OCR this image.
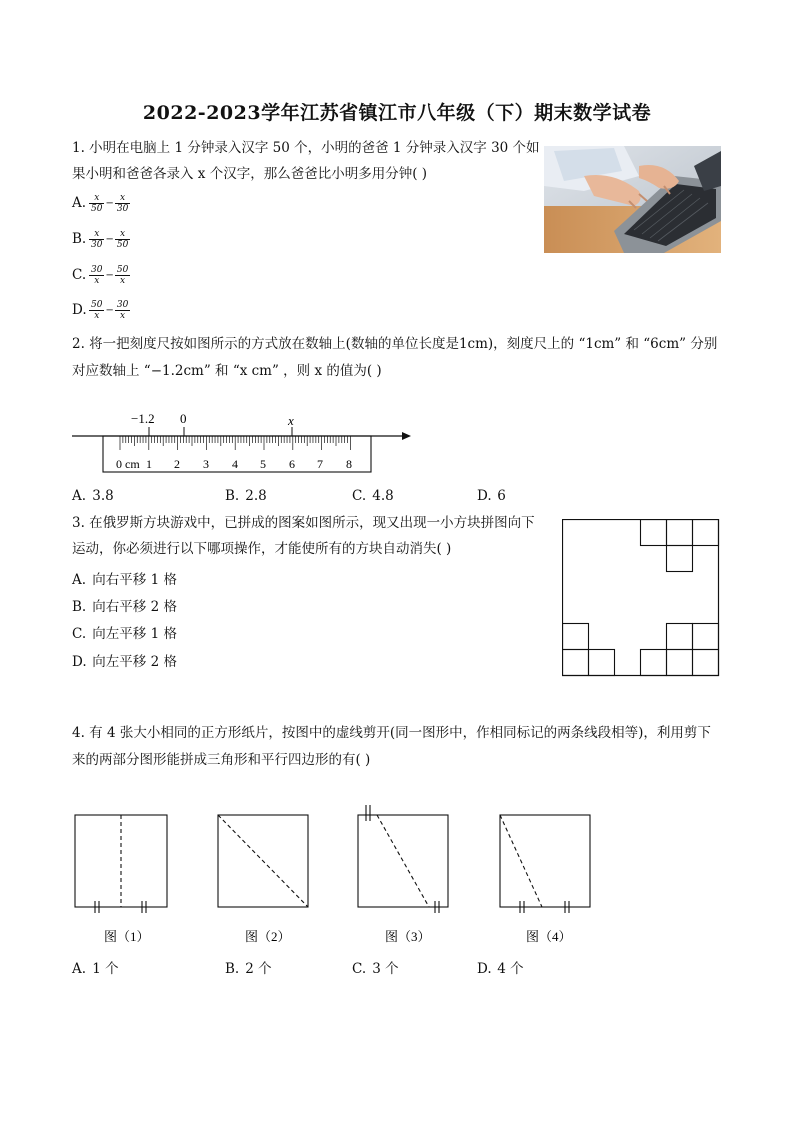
2022-2023学年江苏省镇江市八年级（下）期末数学试卷
1. 小明在电脑上 1 分钟录入汉字 50 个，小明的爸爸 1 分钟录入汉字 30 个如
果小明和爸爸各录入 x 个汉字，那么爸爸比小明多用分钟( )
A. $\frac{x}{50} - \frac{x}{30}$
B. $\frac{x}{30} - \frac{x}{50}$
C. $\frac{30}{x} - \frac{50}{x}$
D. $\frac{50}{x} - \frac{30}{x}$
2. 将一把刻度尺按如图所示的方式放在数轴上(数轴的单位长度是1cm)，刻度尺上的 “1cm” 和 “6cm” 分别
对应数轴上 “−1.2cm” 和 “x cm” ，则 x 的值为( )
−1.2 0	x
0 cm 1 2 3 4 5 6 7 8
A. 3.8	B. 2.8	C. 4.8	D. 6
3. 在俄罗斯方块游戏中，已拼成的图案如图所示，现又出现一小方块拼图向下
运动，你必须进行以下哪项操作，才能使所有的方块自动消失( )
A. 向右平移 1 格
B. 向右平移 2 格
C. 向左平移 1 格
D. 向左平移 2 格
4. 有 4 张大小相同的正方形纸片，按图中的虚线剪开(同一图形中，作相同标记的两条线段相等)，利用剪下
来的两部分图形能拼成三角形和平行四边形的有( )
图（1）	图（2）	图（3）	图（4）
A. 1 个	B. 2 个	C. 3 个	D. 4 个
